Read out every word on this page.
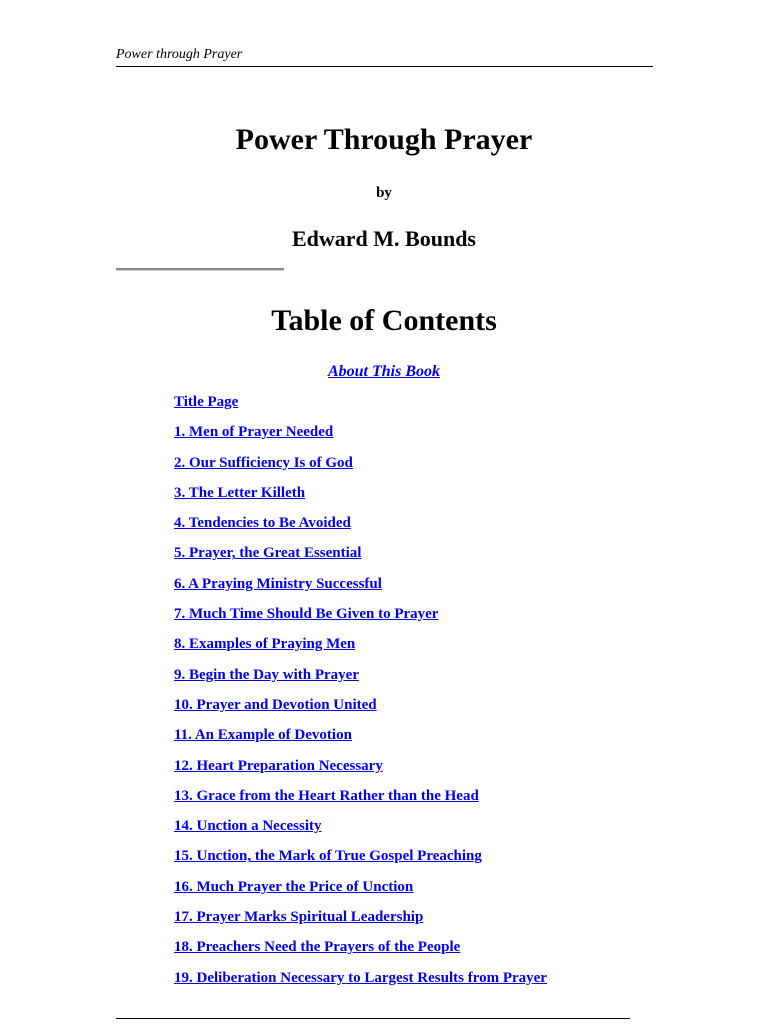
Power through Prayer
Power Through Prayer
by
Edward M. Bounds
Table of Contents
About This Book
Title Page
1. Men of Prayer Needed
2. Our Sufficiency Is of God
3. The Letter Killeth
4. Tendencies to Be Avoided
5. Prayer, the Great Essential
6. A Praying Ministry Successful
7. Much Time Should Be Given to Prayer
8. Examples of Praying Men
9. Begin the Day with Prayer
10. Prayer and Devotion United
11. An Example of Devotion
12. Heart Preparation Necessary
13. Grace from the Heart Rather than the Head
14. Unction a Necessity
15. Unction, the Mark of True Gospel Preaching
16. Much Prayer the Price of Unction
17. Prayer Marks Spiritual Leadership
18. Preachers Need the Prayers of the People
19. Deliberation Necessary to Largest Results from Prayer
